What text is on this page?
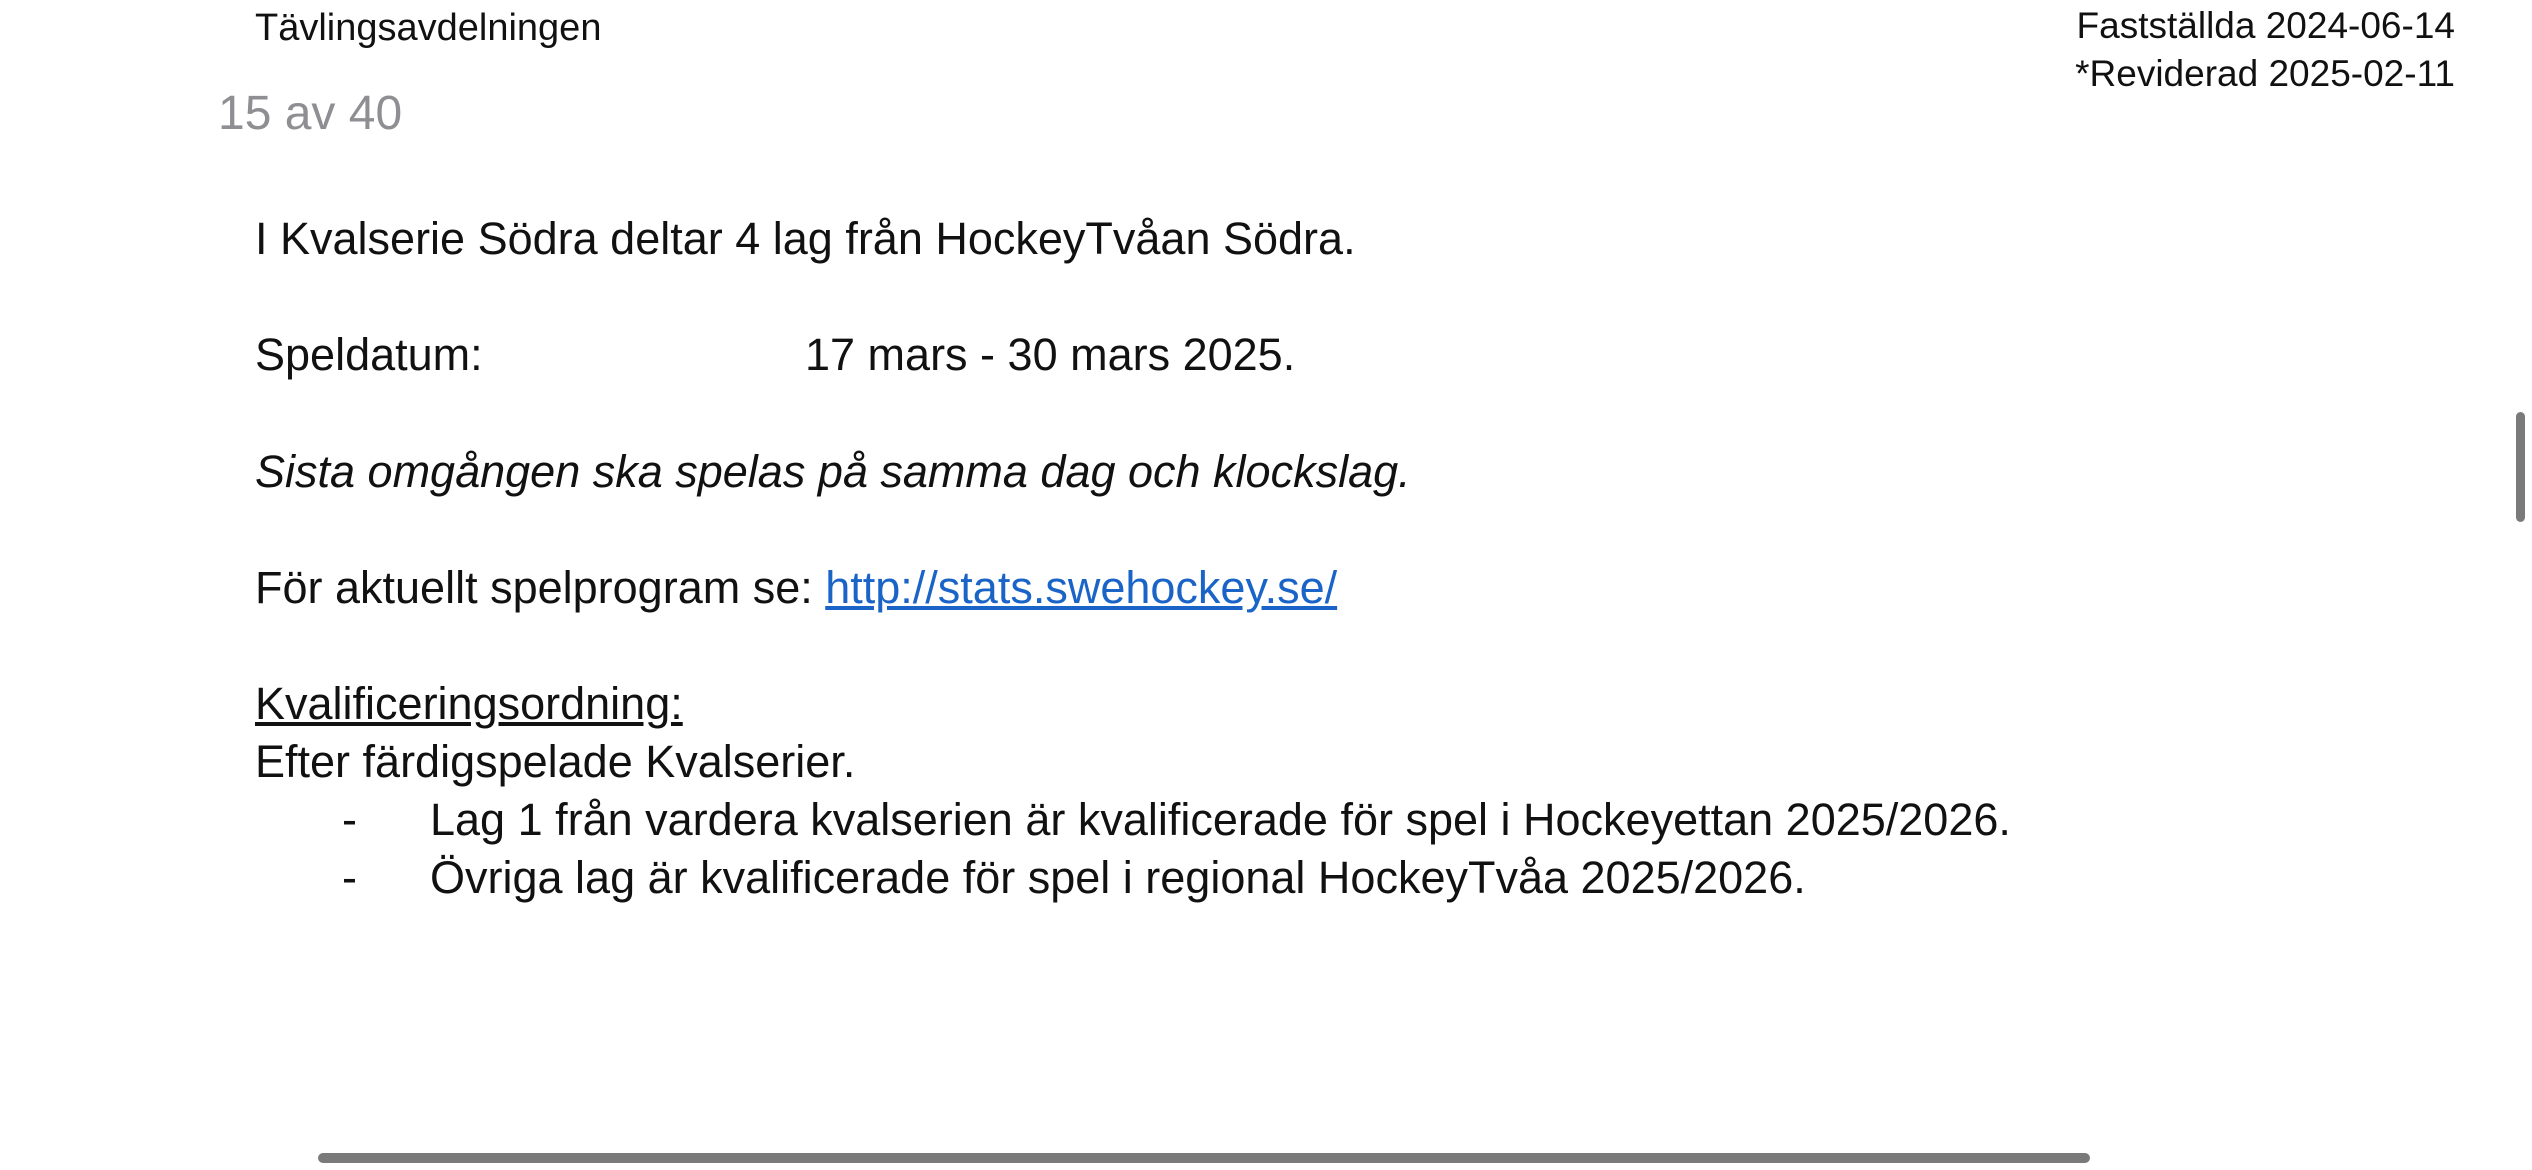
Tävlingsavdelningen	Fastställda 2024-06-14
*Reviderad 2025-02-11
15 av 40
I Kvalserie Södra deltar 4 lag från HockeyTvåan Södra.
Speldatum:	17 mars - 30 mars 2025.
Sista omgången ska spelas på samma dag och klockslag.
För aktuellt spelprogram se: http://stats.swehockey.se/
Kvalificeringsordning:
Efter färdigspelade Kvalserier.
- Lag 1 från vardera kvalserien är kvalificerade för spel i Hockeyettan 2025/2026.
- Övriga lag är kvalificerade för spel i regional HockeyTvåa 2025/2026.
